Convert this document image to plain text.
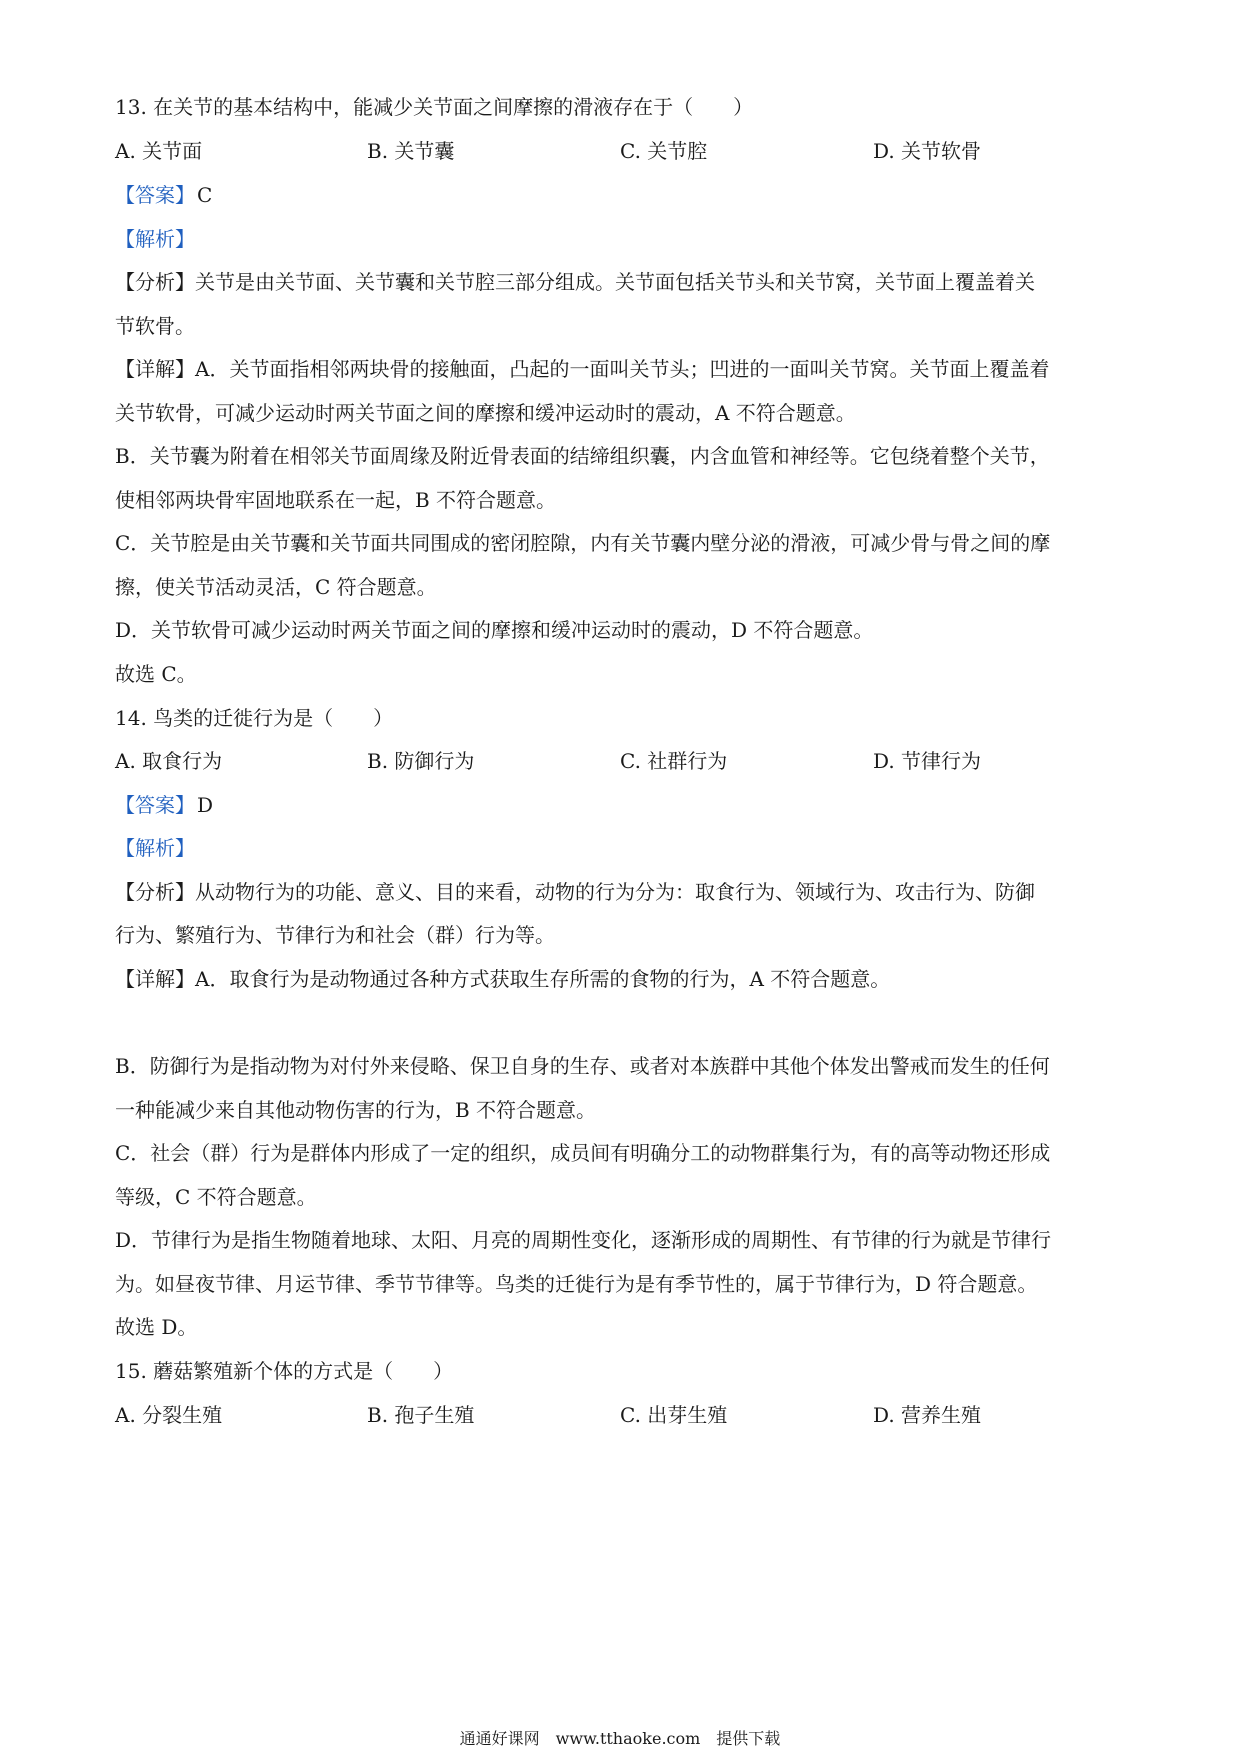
13. 在关节的基本结构中，能减少关节面之间摩擦的滑液存在于（　　）
A. 关节面	B. 关节囊	C. 关节腔	D. 关节软骨
【答案】 C
【解析】
【分析】关节是由关节面、关节囊和关节腔三部分组成。关节面包括关节头和关节窝，关节面上覆盖着关
节软骨。
【详解】A．关节面指相邻两块骨的接触面，凸起的一面叫关节头；凹进的一面叫关节窝。关节面上覆盖着
关节软骨，可减少运动时两关节面之间的摩擦和缓冲运动时的震动，A 不符合题意。
B．关节囊为附着在相邻关节面周缘及附近骨表面的结缔组织囊，内含血管和神经等。它包绕着整个关节，
使相邻两块骨牢固地联系在一起，B 不符合题意。
C．关节腔是由关节囊和关节面共同围成的密闭腔隙，内有关节囊内壁分泌的滑液，可减少骨与骨之间的摩
擦，使关节活动灵活，C 符合题意。
D．关节软骨可减少运动时两关节面之间的摩擦和缓冲运动时的震动，D 不符合题意。
故选 C。
14. 鸟类的迁徙行为是（　　）
A. 取食行为	B. 防御行为	C. 社群行为	D. 节律行为
【答案】 D
【解析】
【分析】从动物行为的功能、意义、目的来看，动物的行为分为：取食行为、领域行为、攻击行为、防御
行为、繁殖行为、节律行为和社会（群）行为等。
【详解】A．取食行为是动物通过各种方式获取生存所需的食物的行为，A 不符合题意。
B．防御行为是指动物为对付外来侵略、保卫自身的生存、或者对本族群中其他个体发出警戒而发生的任何
一种能减少来自其他动物伤害的行为，B 不符合题意。
C．社会（群）行为是群体内形成了一定的组织，成员间有明确分工的动物群集行为，有的高等动物还形成
等级，C 不符合题意。
D．节律行为是指生物随着地球、太阳、月亮的周期性变化，逐渐形成的周期性、有节律的行为就是节律行
为。如昼夜节律、月运节律、季节节律等。鸟类的迁徙行为是有季节性的，属于节律行为，D 符合题意。
故选 D。
15. 蘑菇繁殖新个体的方式是（　　）
A. 分裂生殖	B. 孢子生殖	C. 出芽生殖	D. 营养生殖
通通好课网　www.tthaoke.com　提供下载
